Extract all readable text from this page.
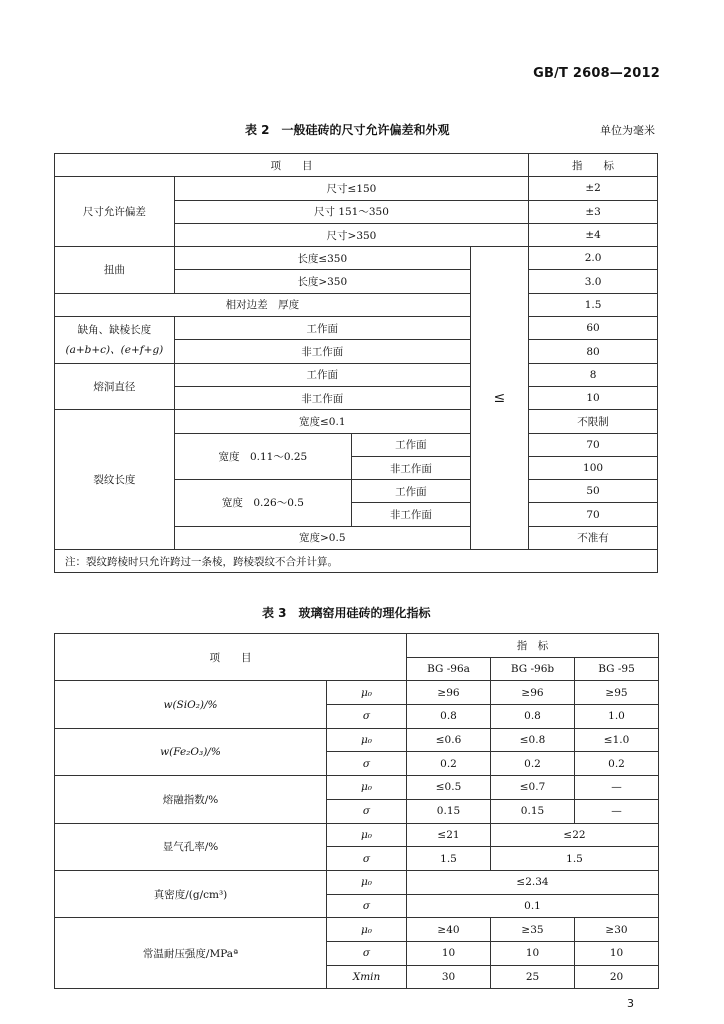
GB/T 2608—2012
表 2　一般硅砖的尺寸允许偏差和外观	单位为毫米
项　　目				指　　标
尺寸允许偏差	尺寸≤150			±2
	尺寸 151～350			±3
	尺寸>350			±4
扭曲	长度≤350		≤	2.0
	长度>350			3.0
相对边差　厚度				1.5
缺角、缺棱长度
(a+b+c)、(e+f+g)	工作面			60
	非工作面			80
熔洞直径	工作面			8
	非工作面			10
裂纹长度	宽度≤0.1			不限制
	宽度　0.11～0.25	工作面		70
		非工作面		100
	宽度　0.26～0.5	工作面		50
		非工作面		70
	宽度>0.5			不准有
注：裂纹跨棱时只允许跨过一条棱，跨棱裂纹不合并计算。				
表 3　玻璃窑用硅砖的理化指标
项　　目		指　标		
		BG -96a	BG -96b	BG -95
w(SiO₂)/%	μ₀	≥96	≥96	≥95
	σ	0.8	0.8	1.0
w(Fe₂O₃)/%	μ₀	≤0.6	≤0.8	≤1.0
	σ	0.2	0.2	0.2
熔融指数/%	μ₀	≤0.5	≤0.7	—
	σ	0.15	0.15	—
显气孔率/%	μ₀	≤21	≤22	
	σ	1.5	1.5	
真密度/(g/cm³)	μ₀	≤2.34		
	σ	0.1		
常温耐压强度/MPaª	μ₀	≥40	≥35	≥30
	σ	10	10	10
	Xmin	30	25	20
3
